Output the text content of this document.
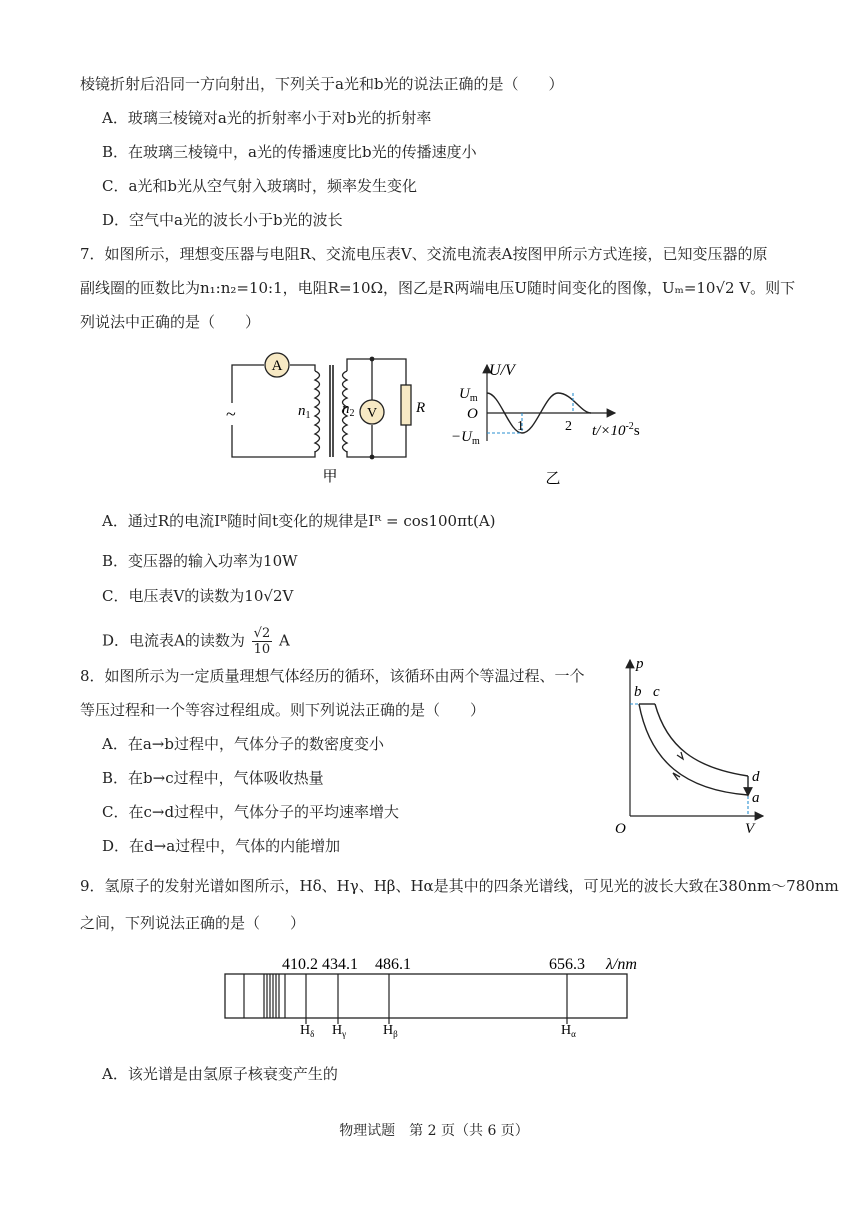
棱镜折射后沿同一方向射出，下列关于a光和b光的说法正确的是（　　）
A．玻璃三棱镜对a光的折射率小于对b光的折射率
B．在玻璃三棱镜中，a光的传播速度比b光的传播速度小
C．a光和b光从空气射入玻璃时，频率发生变化
D．空气中a光的波长小于b光的波长
7．如图所示，理想变压器与电阻R、交流电压表V、交流电流表A按图甲所示方式连接，已知变压器的原
副线圈的匝数比为n₁:n₂=10:1，电阻R=10Ω，图乙是R两端电压U随时间变化的图像，Uₘ=10√2 V。则下
列说法中正确的是（　　）
A
V
~	$n_1$ $n_2$	R
甲
U/V
$U_m$
O
$-U_m$
1	2 $t/\times 10^{-2}s$
乙
A．通过R的电流Iᴿ随时间t变化的规律是Iᴿ = cos100πt(A)
B．变压器的输入功率为10W
C．电压表V的读数为10√2V
D．电流表A的读数为 $\frac{√2}{10}$ A
8．如图所示为一定质量理想气体经历的循环，该循环由两个等温过程、一个
等压过程和一个等容过程组成。则下列说法正确的是（　　）
A．在a→b过程中，气体分子的数密度变小
B．在b→c过程中，气体吸收热量
C．在c→d过程中，气体分子的平均速率增大
D．在d→a过程中，气体的内能增加
p
V
O
b c
d
a
9．氢原子的发射光谱如图所示，Hδ、Hγ、Hβ、Hα是其中的四条光谱线，可见光的波长大致在380nm～780nm
之间，下列说法正确的是（　　）
410.2 434.1 486.1	656.3 λ/nm
$H_\delta$ $H_\gamma$	$H_\beta$	$H_\alpha$
A．该光谱是由氢原子核衰变产生的
物理试题　第 2 页（共 6 页）
